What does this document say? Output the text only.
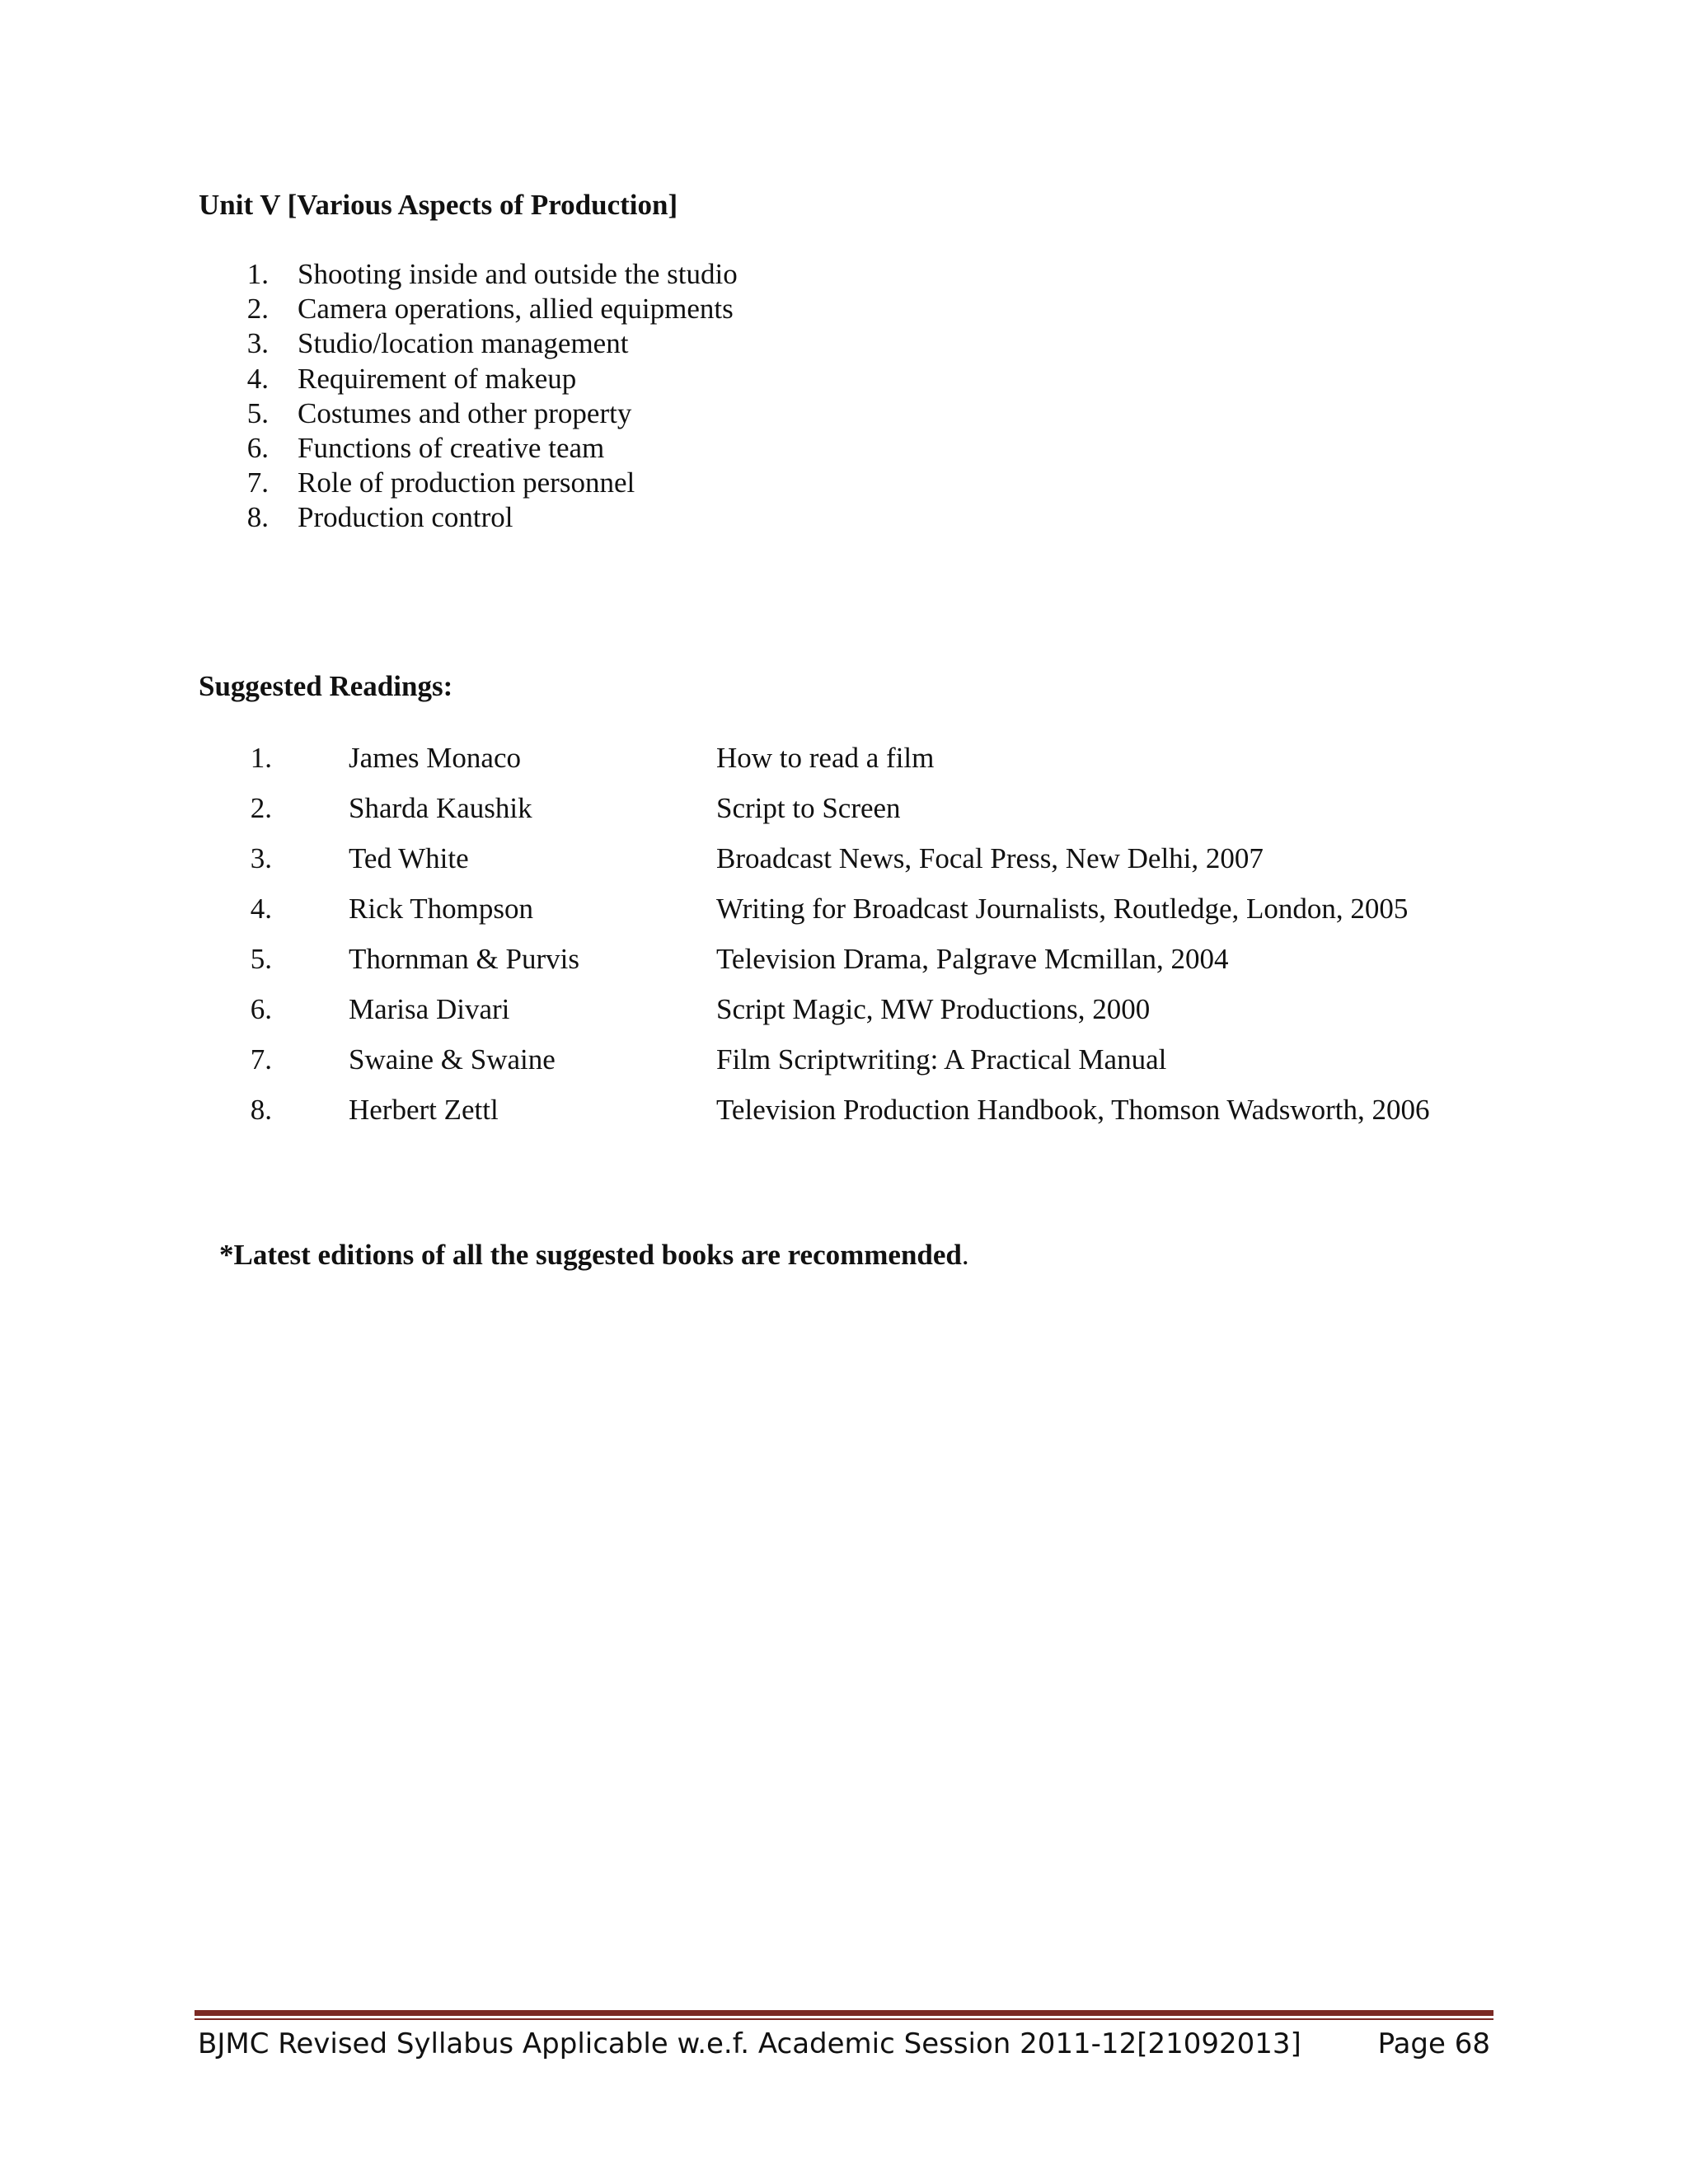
Unit V [Various Aspects of Production]
1. Shooting inside and outside the studio
2. Camera operations, allied equipments
3. Studio/location management
4. Requirement of makeup
5. Costumes and other property
6. Functions of creative team
7. Role of production personnel
8. Production control
Suggested Readings:
1.	James Monaco	How to read a film
2.	Sharda Kaushik	Script to Screen
3.	Ted White	Broadcast News, Focal Press, New Delhi, 2007
4.	Rick Thompson	Writing for Broadcast Journalists, Routledge, London, 2005
5.	Thornman & Purvis	Television Drama, Palgrave Mcmillan, 2004
6.	Marisa Divari	Script Magic, MW Productions, 2000
7.	Swaine & Swaine	Film Scriptwriting: A Practical Manual
8.	Herbert Zettl	Television Production Handbook, Thomson Wadsworth, 2006
*Latest editions of all the suggested books are recommended.
BJMC Revised Syllabus Applicable w.e.f. Academic Session 2011-12[21092013]	Page 68
